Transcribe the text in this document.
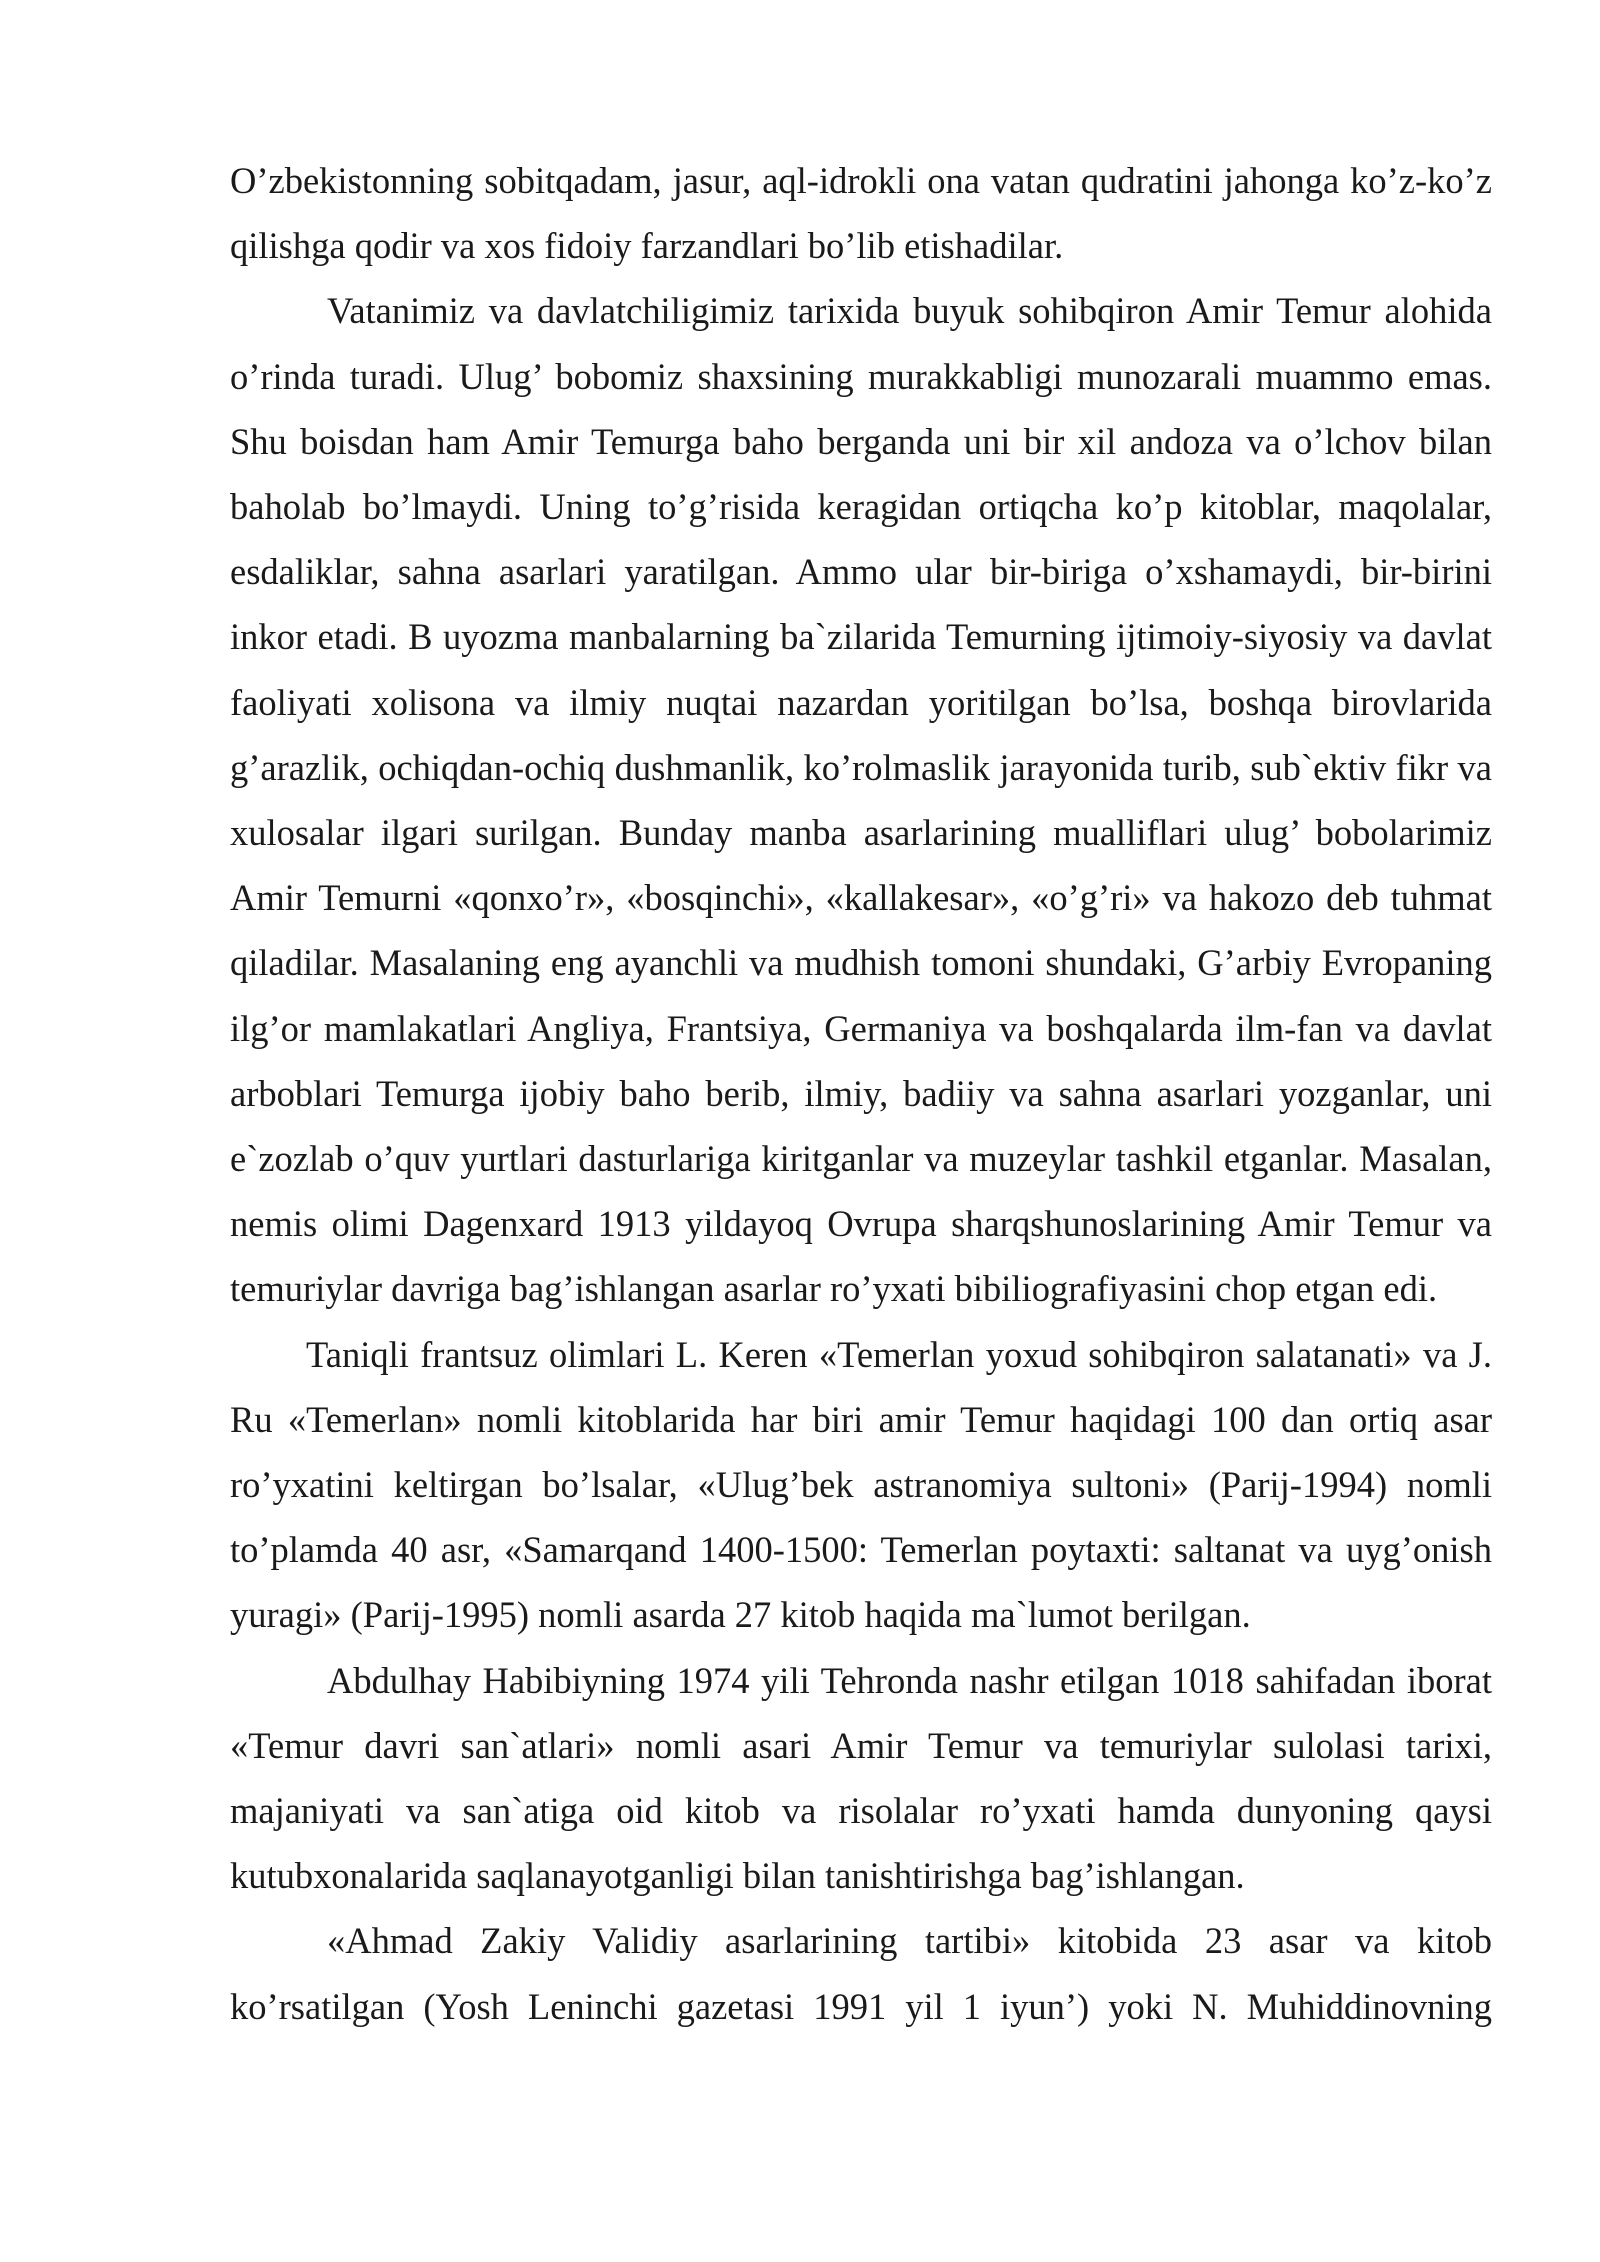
O’zbekistonning sobitqadam, jasur, aql-idrokli ona vatan qudratini jahonga ko’z-ko’z qilishga qodir va xos fidoiy farzandlari bo’lib etishadilar.

Vatanimiz va davlatchiligimiz tarixida buyuk sohibqiron Amir Temur alohida o’rinda turadi. Ulug’ bobomiz shaxsining murakkabligi munozarali muammo emas. Shu boisdan ham Amir Temurga baho berganda uni bir xil andoza va o’lchov bilan baholab bo’lmaydi. Uning to’g’risida keragidan ortiqcha ko’p kitoblar, maqolalar, esdaliklar, sahna asarlari yaratilgan. Ammo ular bir-biriga o’xshamaydi, bir-birini inkor etadi. B uyozma manbalarning ba`zilarida Temurning ijtimoiy-siyosiy va davlat faoliyati xolisona va ilmiy nuqtai nazardan yoritilgan bo’lsa, boshqa birovlarida g’arazlik, ochiqdan-ochiq dushmanlik, ko’rolmaslik jarayonida turib, sub`ektiv fikr va xulosalar ilgari surilgan. Bunday manba asarlarining mualliflari ulug’ bobolarimiz Amir Temurni «qonxo’r», «bosqinchi», «kallakesar», «o’g’ri» va hakozo deb tuhmat qiladilar. Masalaning eng ayanchli va mudhish tomoni shundaki, G’arbiy Evropaning ilg’or mamlakatlari Angliya, Frantsiya, Germaniya va boshqalarda ilm-fan va davlat arboblari Temurga ijobiy baho berib, ilmiy, badiiy va sahna asarlari yozganlar, uni e`zozlab o’quv yurtlari dasturlariga kiritganlar va muzeylar tashkil etganlar. Masalan, nemis olimi Dagenxard 1913 yildayoq Ovrupa sharqshunoslarining Amir Temur va temuriylar davriga bag’ishlangan asarlar ro’yxati bibiliografiyasini chop etgan edi.

Taniqli frantsuz olimlari L. Keren «Temerlan yoxud sohibqiron salatanati» va J. Ru «Temerlan» nomli kitoblarida har biri amir Temur haqidagi 100 dan ortiq asar ro’yxatini keltirgan bo’lsalar, «Ulug’bek astranomiya sultoni» (Parij-1994) nomli to’plamda 40 asr, «Samarqand 1400-1500: Temerlan poytaxti: saltanat va uyg’onish yuragi» (Parij-1995) nomli asarda 27 kitob haqida ma`lumot berilgan.

Abdulhay Habibiyning 1974 yili Tehronda nashr etilgan 1018 sahifadan iborat «Temur davri san`atlari» nomli asari Amir Temur va temuriylar sulolasi tarixi, majaniyati va san`atiga oid kitob va risolalar ro’yxati hamda dunyoning qaysi kutubxonalarida saqlanayotganligi bilan tanishtirishga bag’ishlangan.

«Ahmad Zakiy Validiy asarlarining tartibi» kitobida 23 asar va kitob ko’rsatilgan (Yosh Leninchi gazetasi 1991 yil 1 iyun’) yoki N. Muhiddinovning
